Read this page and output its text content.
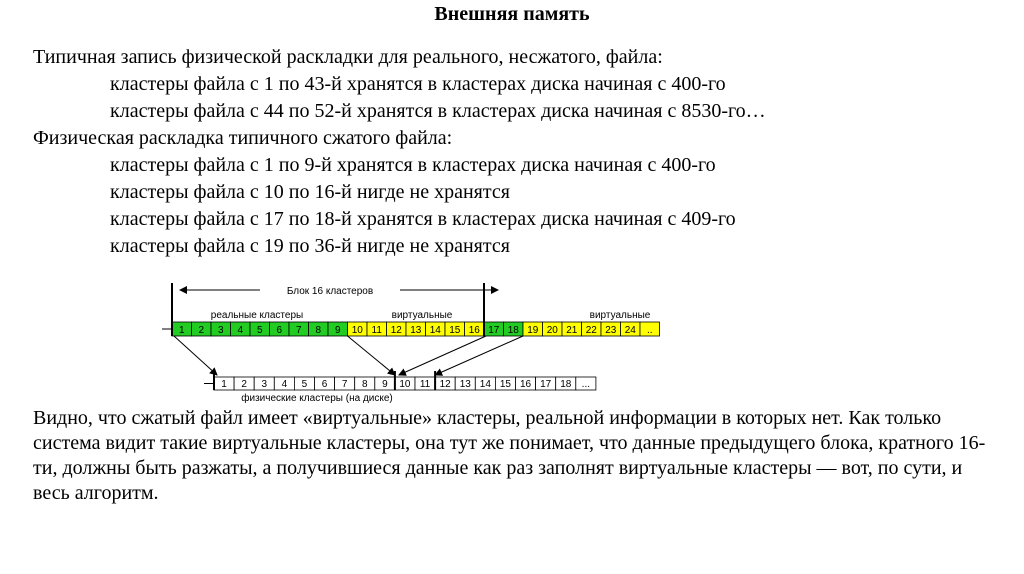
Внешняя память
Типичная запись физической раскладки для реального, несжатого, файла:
кластеры файла с 1 по 43-й хранятся в кластерах диска начиная с 400-го
кластеры файла с 44 по 52-й хранятся в кластерах диска начиная с 8530-го…
Физическая раскладка типичного сжатого файла:
кластеры файла с 1 по 9-й хранятся в кластерах диска начиная с 400-го
кластеры файла с 10 по 16-й нигде не хранятся
кластеры файла с 17 по 18-й хранятся в кластерах диска начиная с 409-го
кластеры файла с 19 по 36-й нигде не хранятся
1 2 3 4 5 6 7 8 9 10 11 12 13 14 15 16 17 18 19 20 21 22 23 24 ..
Блок 16 кластеров
реальные кластеры	виртуальные	виртуальные
1 2 3 4 5 6 7 8 9 10 11 12 13 14 15 16 17 18 ...
физические кластеры (на диске)
Видно, что сжатый файл имеет «виртуальные» кластеры, реальной информации в которых нет. Как только система видит такие виртуальные кластеры, она тут же понимает, что данные предыдущего блока, кратного 16-ти, должны быть разжаты, а получившиеся данные как раз заполнят виртуальные кластеры — вот, по сути, и весь алгоритм.
